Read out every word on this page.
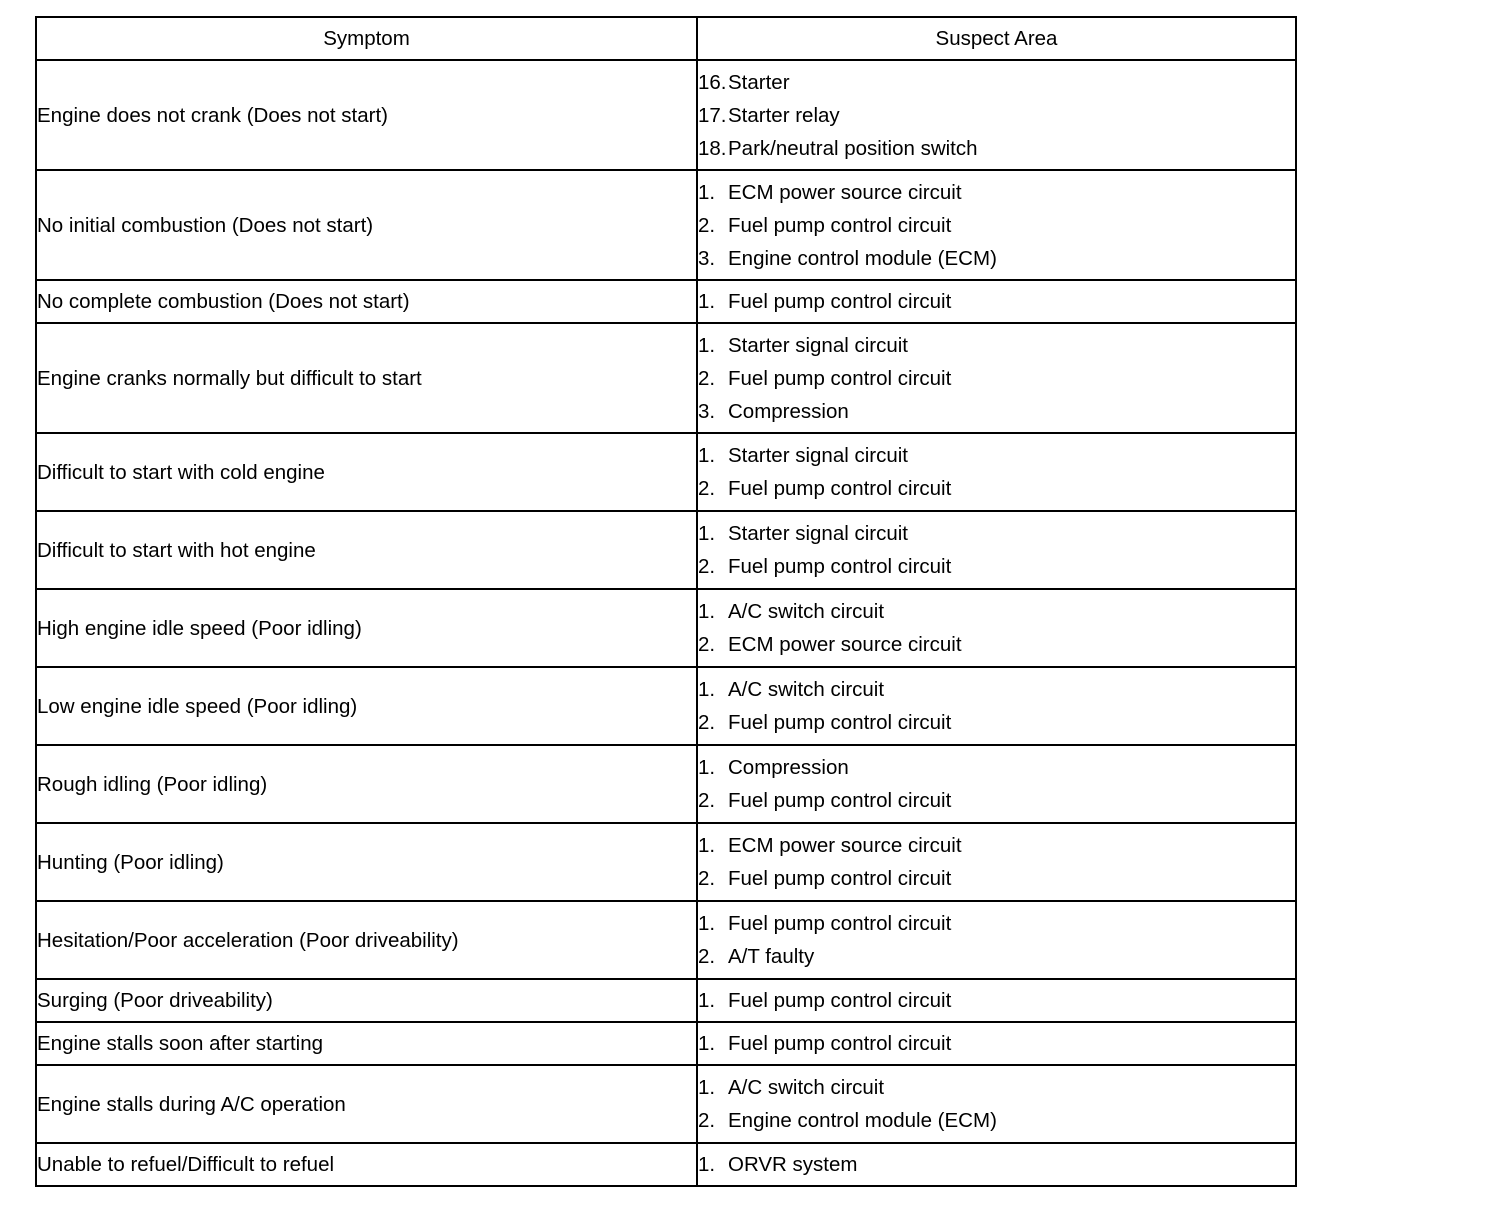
Symptom	Suspect Area
Engine does not crank (Does not start)	16.Starter
17.Starter relay
18.Park/neutral position switch

No initial combustion (Does not start)	1. ECM power source circuit
2. Fuel pump control circuit
3. Engine control module (ECM)

No complete combustion (Does not start)	1. Fuel pump control circuit

Engine cranks normally but difficult to start	1. Starter signal circuit
2. Fuel pump control circuit
3. Compression

Difficult to start with cold engine	1. Starter signal circuit
2. Fuel pump control circuit

Difficult to start with hot engine	1. Starter signal circuit
2. Fuel pump control circuit

High engine idle speed (Poor idling)	1. A/C switch circuit
2. ECM power source circuit

Low engine idle speed (Poor idling)	1. A/C switch circuit
2. Fuel pump control circuit

Rough idling (Poor idling)	1. Compression
2. Fuel pump control circuit

Hunting (Poor idling)	1. ECM power source circuit
2. Fuel pump control circuit

Hesitation/Poor acceleration (Poor driveability)	1. Fuel pump control circuit
2. A/T faulty

Surging (Poor driveability)	1. Fuel pump control circuit

Engine stalls soon after starting	1. Fuel pump control circuit

Engine stalls during A/C operation	1. A/C switch circuit
2. Engine control module (ECM)

Unable to refuel/Difficult to refuel	1. ORVR system
